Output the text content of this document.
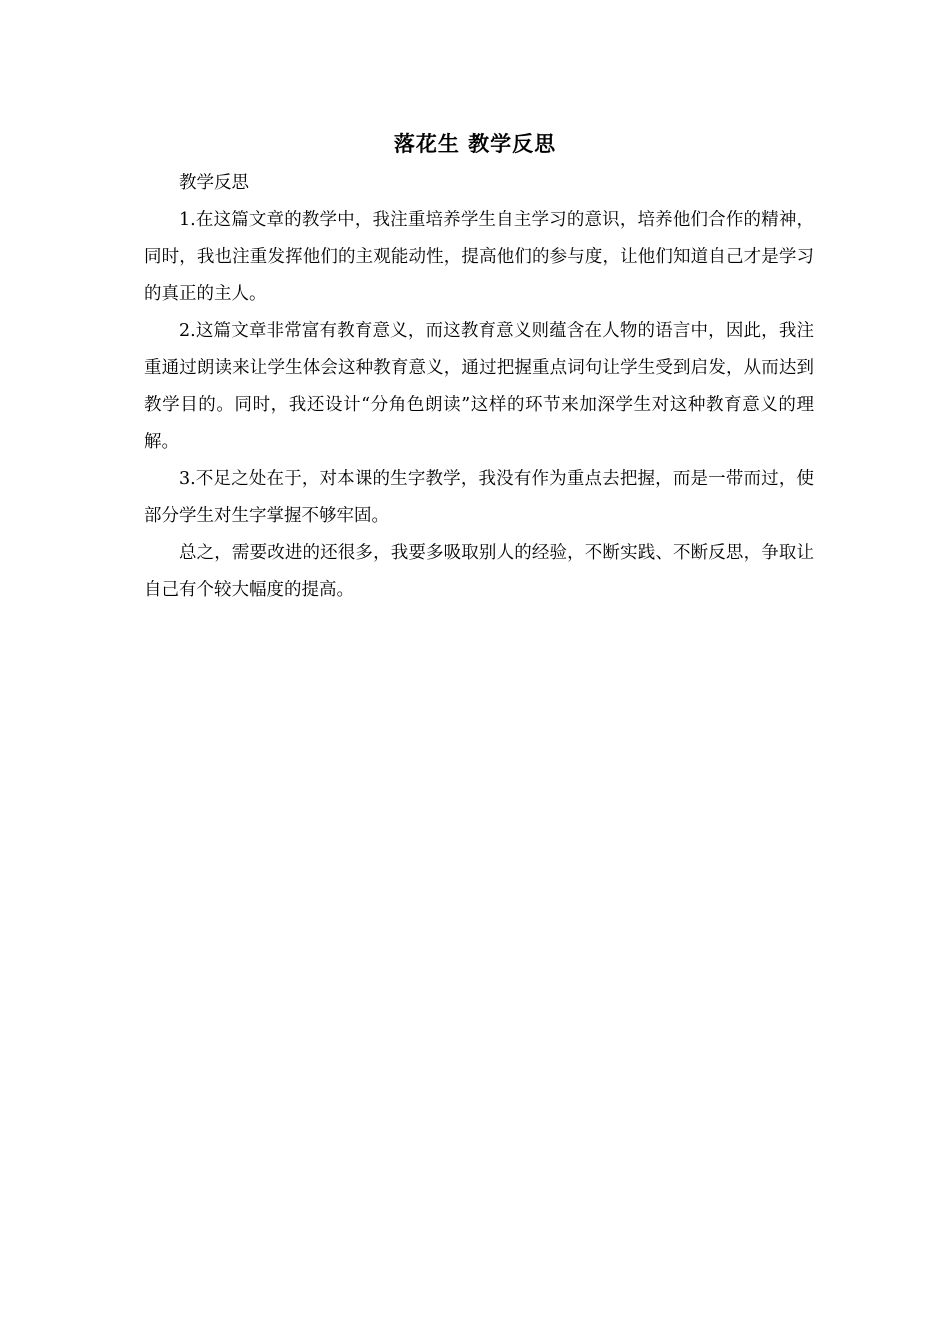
落花生 教学反思

教学反思

1.在这篇文章的教学中，我注重培养学生自主学习的意识，培养他们合作的精神，同时，我也注重发挥他们的主观能动性，提高他们的参与度，让他们知道自己才是学习的真正的主人。

2.这篇文章非常富有教育意义，而这教育意义则蕴含在人物的语言中，因此，我注重通过朗读来让学生体会这种教育意义，通过把握重点词句让学生受到启发，从而达到教学目的。同时，我还设计“分角色朗读”这样的环节来加深学生对这种教育意义的理解。

3.不足之处在于，对本课的生字教学，我没有作为重点去把握，而是一带而过，使部分学生对生字掌握不够牢固。

总之，需要改进的还很多，我要多吸取别人的经验，不断实践、不断反思，争取让自己有个较大幅度的提高。
